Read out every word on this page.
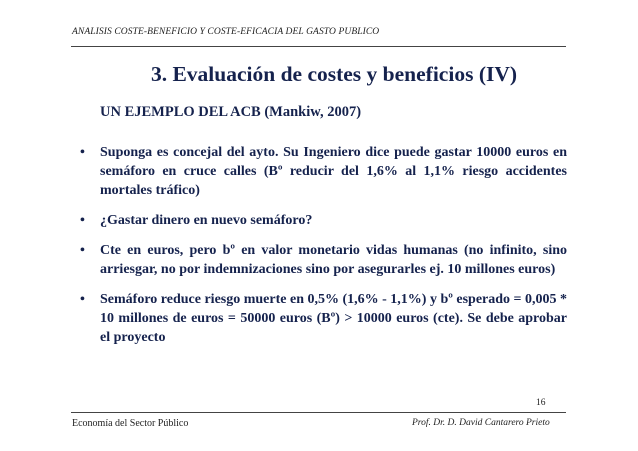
ANALISIS COSTE-BENEFICIO Y COSTE-EFICACIA DEL GASTO PUBLICO
3. Evaluación de costes y beneficios (IV)
UN EJEMPLO DEL ACB (Mankiw, 2007)
• Suponga es concejal del ayto. Su Ingeniero dice puede gastar 10000 euros en semáforo en cruce calles (Bº reducir del 1,6% al 1,1% riesgo accidentes mortales tráfico)
• ¿Gastar dinero en nuevo semáforo?
• Cte en euros, pero bº en valor monetario vidas humanas (no infinito, sino arriesgar, no por indemnizaciones sino por asegurarles ej. 10 millones euros)
• Semáforo reduce riesgo muerte en 0,5% (1,6% - 1,1%) y bº esperado = 0,005 * 10 millones de euros = 50000 euros (Bº) > 10000 euros (cte). Se debe aprobar el proyecto
16
Economía del Sector Público	Prof. Dr. D. David Cantarero Prieto
